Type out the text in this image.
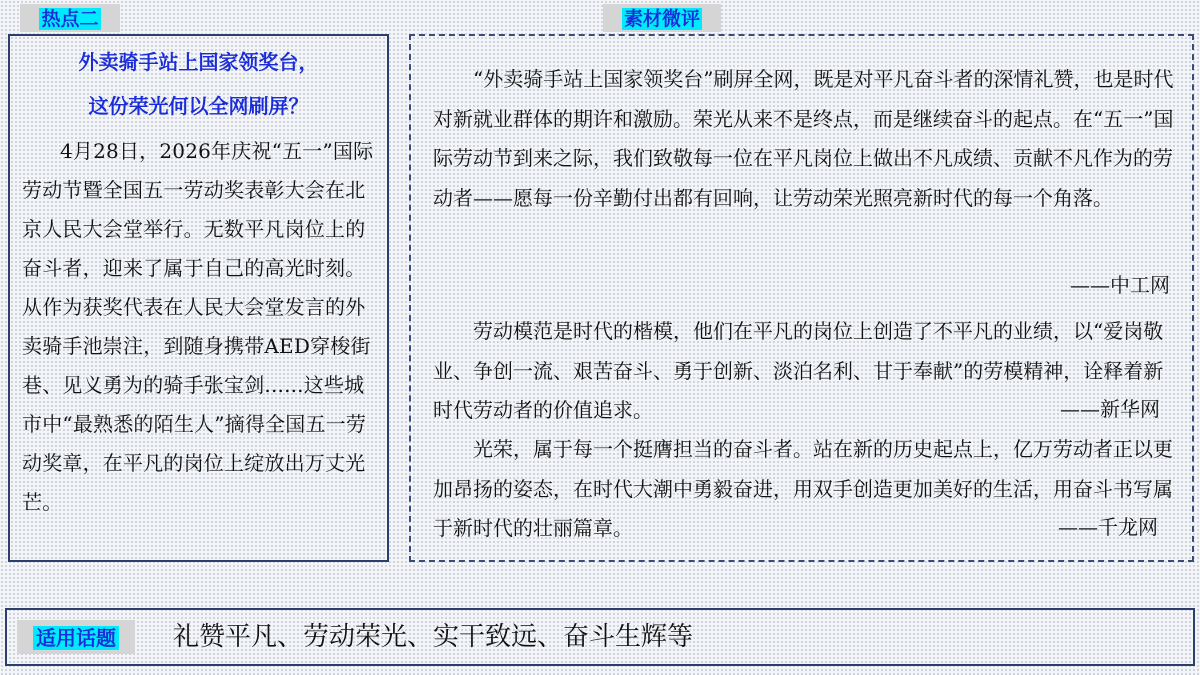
热点二	素材微评
外卖骑手站上国家领奖台，
这份荣光何以全网刷屏？

4月28日，2026年庆祝“五一”国际劳动节暨全国五一劳动奖表彰大会在北京人民大会堂举行。无数平凡岗位上的奋斗者，迎来了属于自己的高光时刻。从作为获奖代表在人民大会堂发言的外卖骑手池崇注，到随身携带AED穿梭街巷、见义勇为的骑手张宝剑......这些城市中“最熟悉的陌生人”摘得全国五一劳动奖章，在平凡的岗位上绽放出万丈光芒。

“外卖骑手站上国家领奖台”刷屏全网，既是对平凡奋斗者的深情礼赞，也是时代对新就业群体的期许和激励。荣光从来不是终点，而是继续奋斗的起点。在“五一”国际劳动节到来之际，我们致敬每一位在平凡岗位上做出不凡成绩、贡献不凡作为的劳动者——愿每一份辛勤付出都有回响，让劳动荣光照亮新时代的每一个角落。

——中工网

劳动模范是时代的楷模，他们在平凡的岗位上创造了不平凡的业绩，以“爱岗敬业、争创一流、艰苦奋斗、勇于创新、淡泊名利、甘于奉献”的劳模精神，诠释着新时代劳动者的价值追求。	——新华网

光荣，属于每一个挺膺担当的奋斗者。站在新的历史起点上，亿万劳动者正以更加昂扬的姿态，在时代大潮中勇毅奋进，用双手创造更加美好的生活，用奋斗书写属于新时代的壮丽篇章。	——千龙网
适用话题	礼赞平凡、劳动荣光、实干致远、奋斗生辉等
